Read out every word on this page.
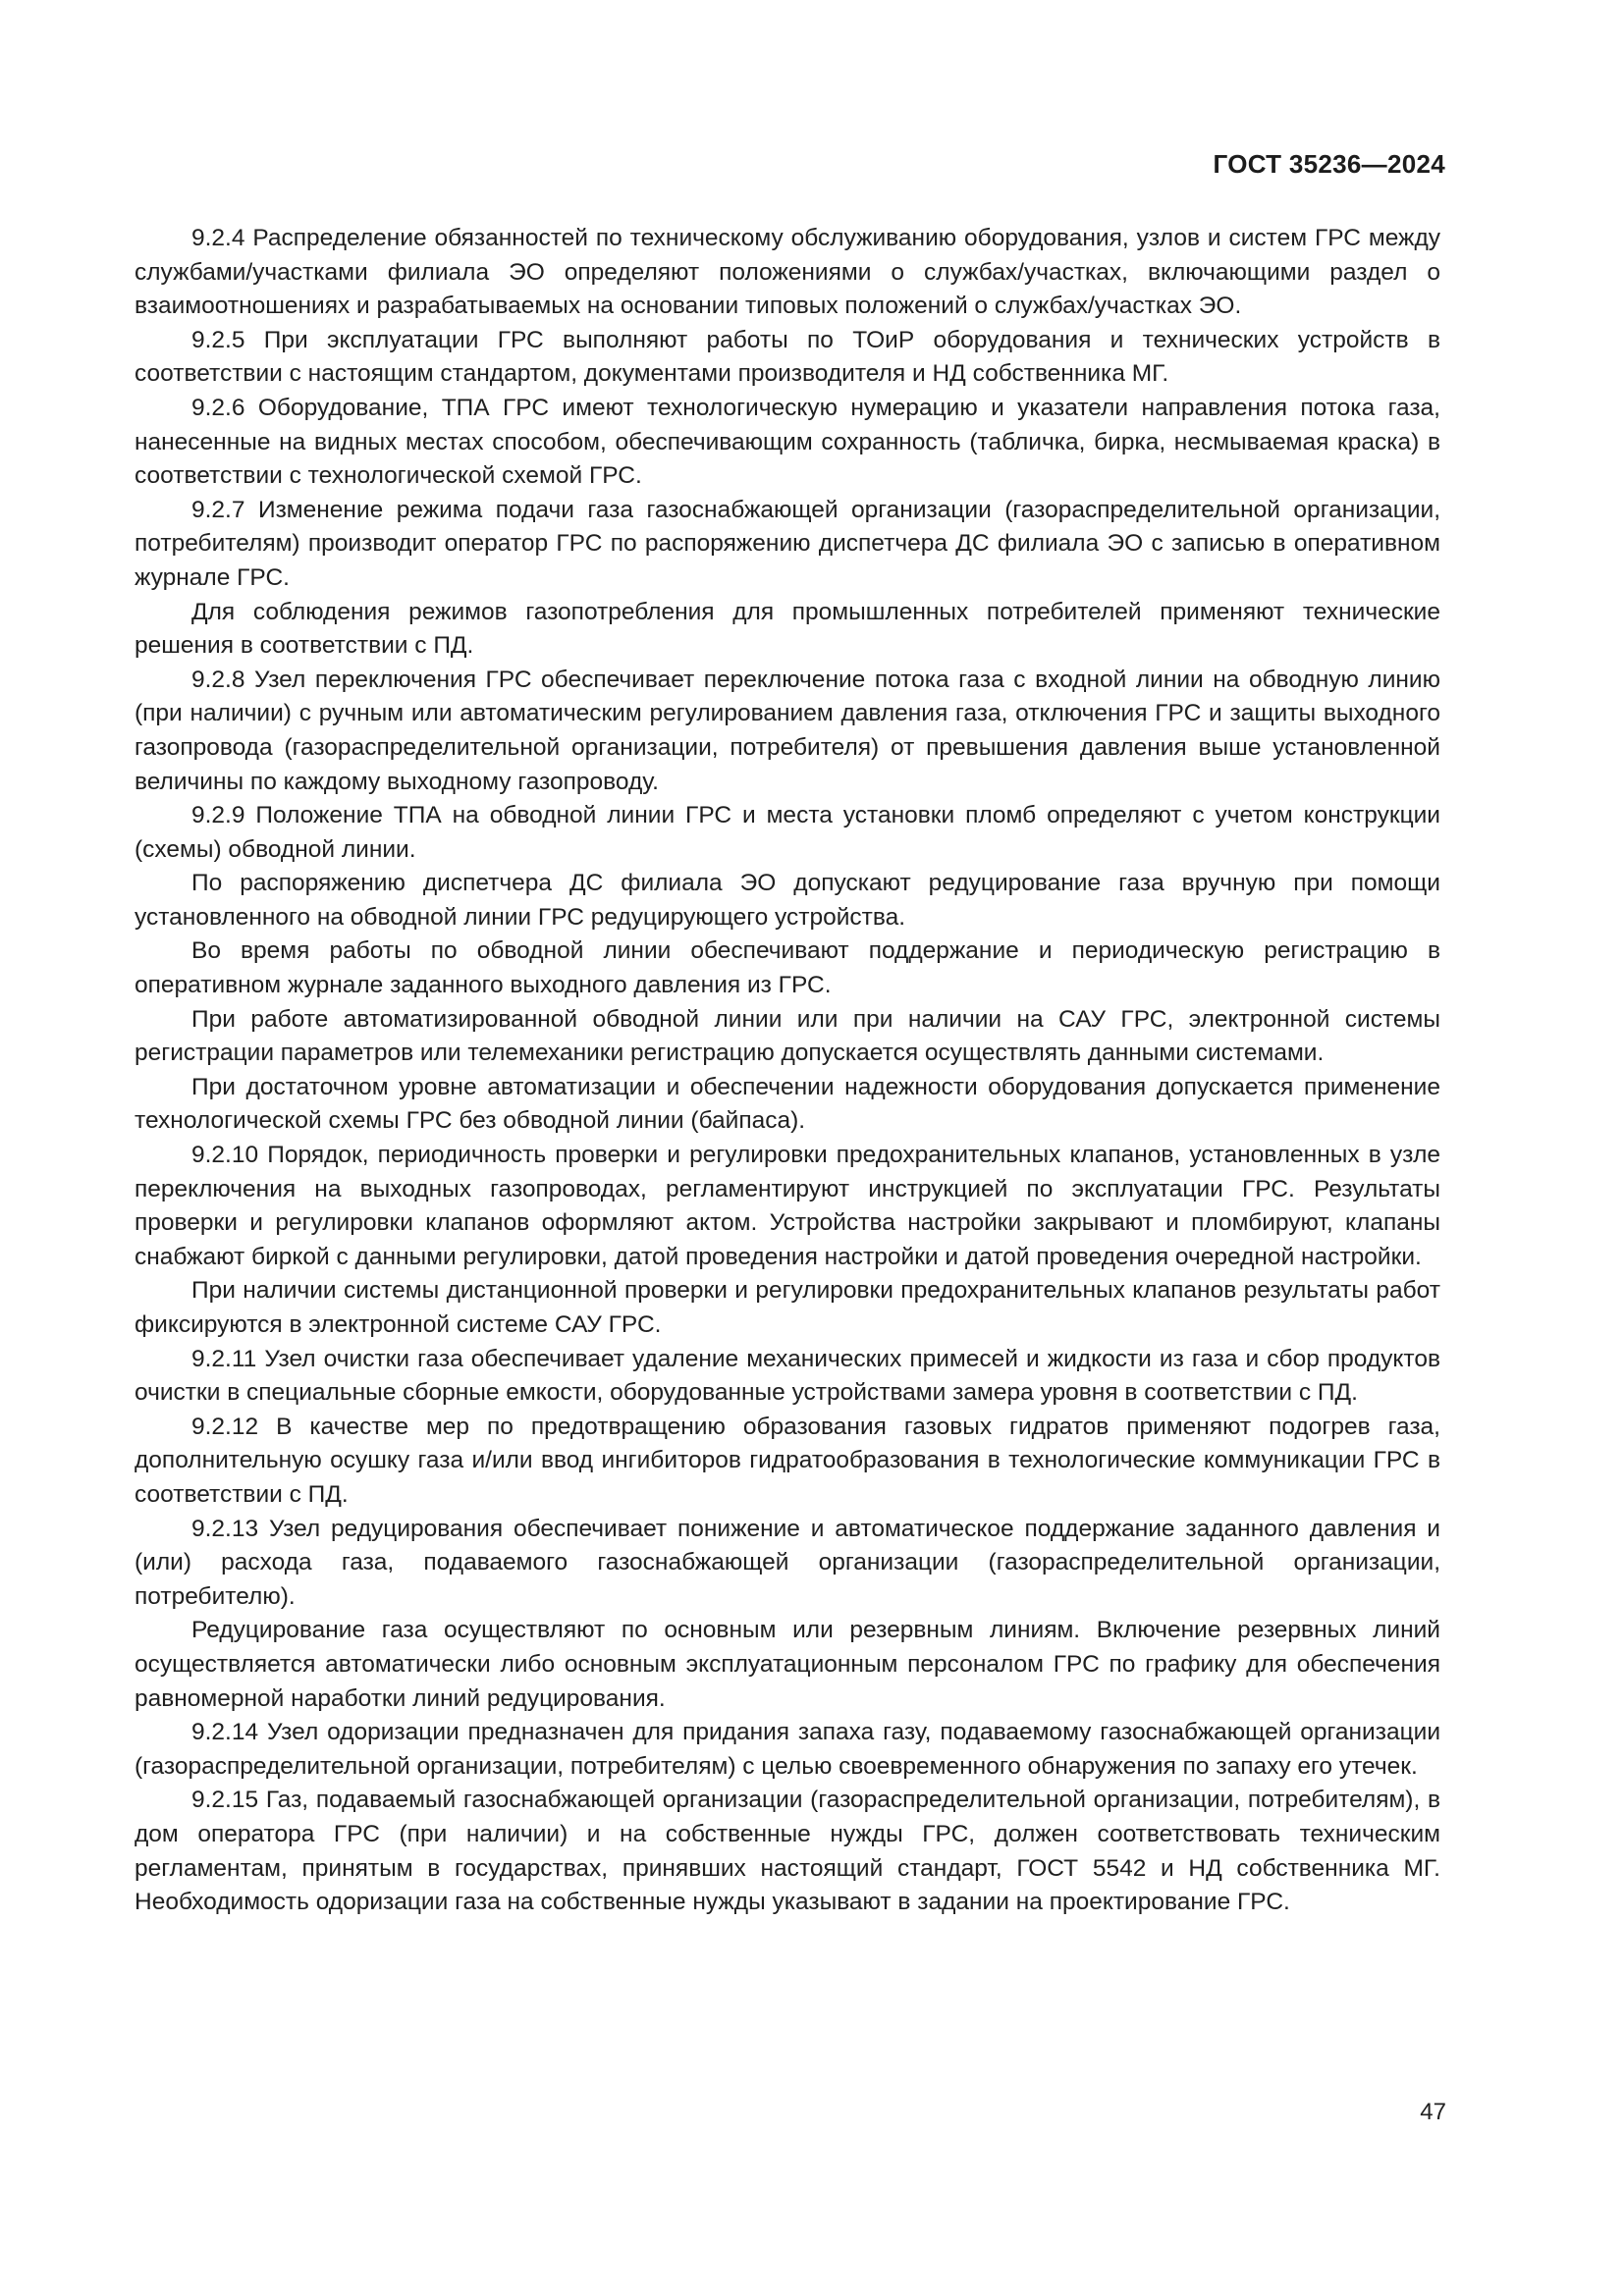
ГОСТ 35236—2024

9.2.4 Распределение обязанностей по техническому обслуживанию оборудования, узлов и систем ГРС между службами/участками филиала ЭО определяют положениями о службах/участках, включающими раздел о взаимоотношениях и разрабатываемых на основании типовых положений о службах/участках ЭО.

9.2.5 При эксплуатации ГРС выполняют работы по ТОиР оборудования и технических устройств в соответствии с настоящим стандартом, документами производителя и НД собственника МГ.

9.2.6 Оборудование, ТПА ГРС имеют технологическую нумерацию и указатели направления потока газа, нанесенные на видных местах способом, обеспечивающим сохранность (табличка, бирка, несмываемая краска) в соответствии с технологической схемой ГРС.

9.2.7 Изменение режима подачи газа газоснабжающей организации (газораспределительной организации, потребителям) производит оператор ГРС по распоряжению диспетчера ДС филиала ЭО с записью в оперативном журнале ГРС.

Для соблюдения режимов газопотребления для промышленных потребителей применяют технические решения в соответствии с ПД.

9.2.8 Узел переключения ГРС обеспечивает переключение потока газа с входной линии на обводную линию (при наличии) с ручным или автоматическим регулированием давления газа, отключения ГРС и защиты выходного газопровода (газораспределительной организации, потребителя) от превышения давления выше установленной величины по каждому выходному газопроводу.

9.2.9 Положение ТПА на обводной линии ГРС и места установки пломб определяют с учетом конструкции (схемы) обводной линии.

По распоряжению диспетчера ДС филиала ЭО допускают редуцирование газа вручную при помощи установленного на обводной линии ГРС редуцирующего устройства.

Во время работы по обводной линии обеспечивают поддержание и периодическую регистрацию в оперативном журнале заданного выходного давления из ГРС.

При работе автоматизированной обводной линии или при наличии на САУ ГРС, электронной системы регистрации параметров или телемеханики регистрацию допускается осуществлять данными системами.

При достаточном уровне автоматизации и обеспечении надежности оборудования допускается применение технологической схемы ГРС без обводной линии (байпаса).

9.2.10 Порядок, периодичность проверки и регулировки предохранительных клапанов, установленных в узле переключения на выходных газопроводах, регламентируют инструкцией по эксплуатации ГРС. Результаты проверки и регулировки клапанов оформляют актом. Устройства настройки закрывают и пломбируют, клапаны снабжают биркой с данными регулировки, датой проведения настройки и датой проведения очередной настройки.

При наличии системы дистанционной проверки и регулировки предохранительных клапанов результаты работ фиксируются в электронной системе САУ ГРС.

9.2.11 Узел очистки газа обеспечивает удаление механических примесей и жидкости из газа и сбор продуктов очистки в специальные сборные емкости, оборудованные устройствами замера уровня в соответствии с ПД.

9.2.12 В качестве мер по предотвращению образования газовых гидратов применяют подогрев газа, дополнительную осушку газа и/или ввод ингибиторов гидратообразования в технологические коммуникации ГРС в соответствии с ПД.

9.2.13 Узел редуцирования обеспечивает понижение и автоматическое поддержание заданного давления и (или) расхода газа, подаваемого газоснабжающей организации (газораспределительной организации, потребителю).

Редуцирование газа осуществляют по основным или резервным линиям. Включение резервных линий осуществляется автоматически либо основным эксплуатационным персоналом ГРС по графику для обеспечения равномерной наработки линий редуцирования.

9.2.14 Узел одоризации предназначен для придания запаха газу, подаваемому газоснабжающей организации (газораспределительной организации, потребителям) с целью своевременного обнаружения по запаху его утечек.

9.2.15 Газ, подаваемый газоснабжающей организации (газораспределительной организации, потребителям), в дом оператора ГРС (при наличии) и на собственные нужды ГРС, должен соответствовать техническим регламентам, принятым в государствах, принявших настоящий стандарт, ГОСТ 5542 и НД собственника МГ. Необходимость одоризации газа на собственные нужды указывают в задании на проектирование ГРС.

47
